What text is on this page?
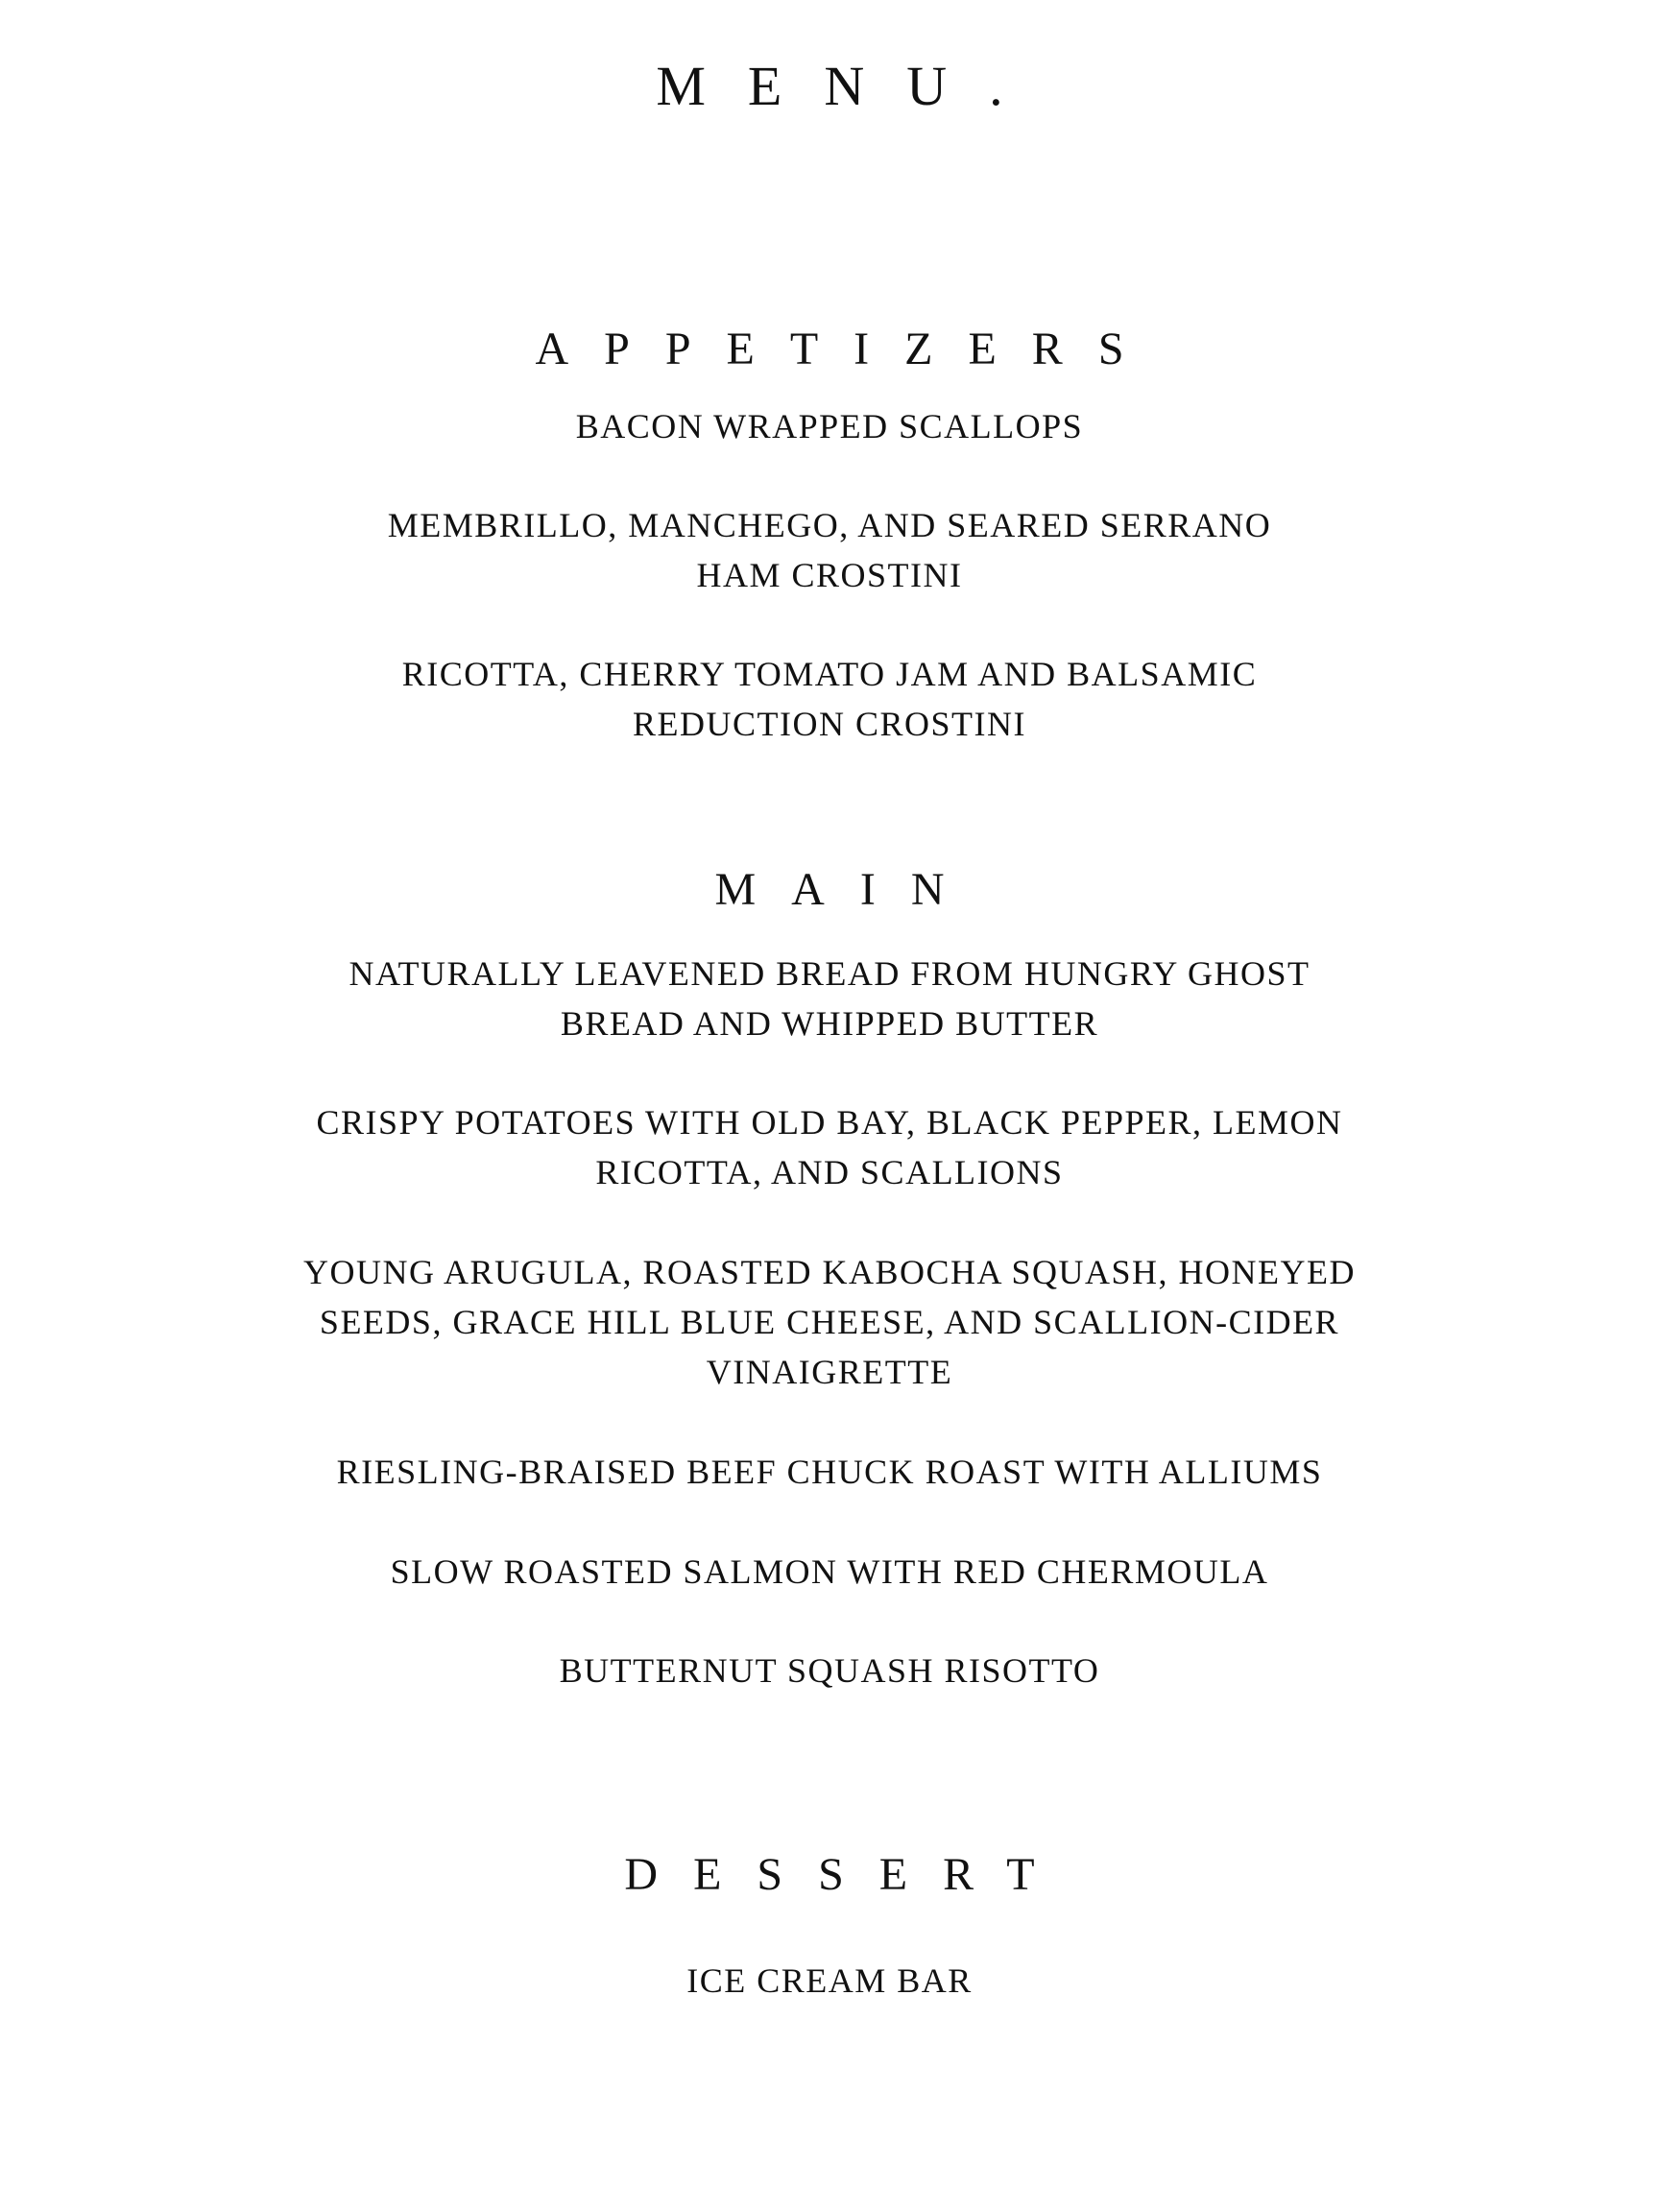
MENU.
APPETIZERS
BACON WRAPPED SCALLOPS
MEMBRILLO, MANCHEGO, AND SEARED SERRANO
HAM CROSTINI
RICOTTA, CHERRY TOMATO JAM AND BALSAMIC
REDUCTION CROSTINI
MAIN
NATURALLY LEAVENED BREAD FROM HUNGRY GHOST
BREAD AND WHIPPED BUTTER
CRISPY POTATOES WITH OLD BAY, BLACK PEPPER, LEMON
RICOTTA, AND SCALLIONS
YOUNG ARUGULA, ROASTED KABOCHA SQUASH, HONEYED
SEEDS, GRACE HILL BLUE CHEESE, AND SCALLION-CIDER
VINAIGRETTE
RIESLING-BRAISED BEEF CHUCK ROAST WITH ALLIUMS
SLOW ROASTED SALMON WITH RED CHERMOULA
BUTTERNUT SQUASH RISOTTO
DESSERT
ICE CREAM BAR
